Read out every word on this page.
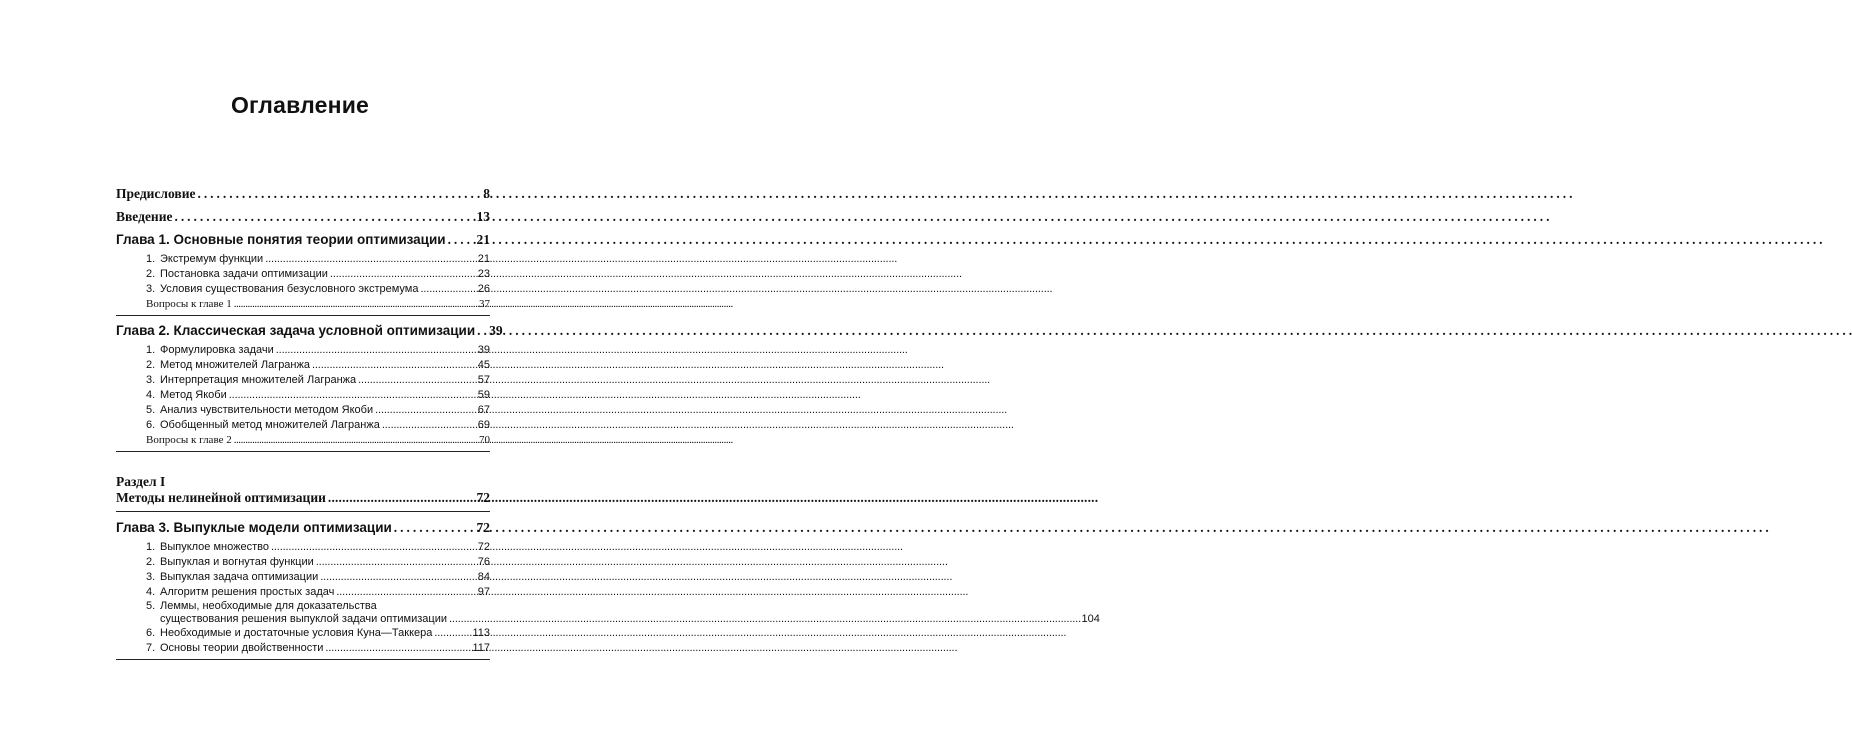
Оглавление
Предисловие . . .	8
Введение . . .	13
Глава 1. Основные понятия теории оптимизации . . . 21
1. Экстремум функции . . .	21
2. Постановка задачи оптимизации . . .	23
3. Условия существования безусловного экстремума . . .	26
Вопросы к главе 1 . . .	37
Глава 2. Классическая задача условной оптимизации . . . 39
1. Формулировка задачи . . .	39
2. Метод множителей Лагранжа . . .	45
3. Интерпретация множителей Лагранжа . . .	57
4. Метод Якоби . . .	59
5. Анализ чувствительности методом Якоби . . .	67
6. Обобщенный метод множителей Лагранжа . . .	69
Вопросы к главе 2 . . .	70
Раздел I
Методы нелинейной оптимизации . . .	72
Глава 3. Выпуклые модели оптимизации . . .	72
1. Выпуклое множество . . .	72
2. Выпуклая и вогнутая функции . . .	76
3. Выпуклая задача оптимизации . . .	84
4. Алгоритм решения простых задач . . .	97
5. Леммы, необходимые для доказательства
существования решения выпуклой задачи оптимизации . . .	104
6. Необходимые и достаточные условия Куна—Таккера . . .	113
7. Основы теории двойственности . . .	117
